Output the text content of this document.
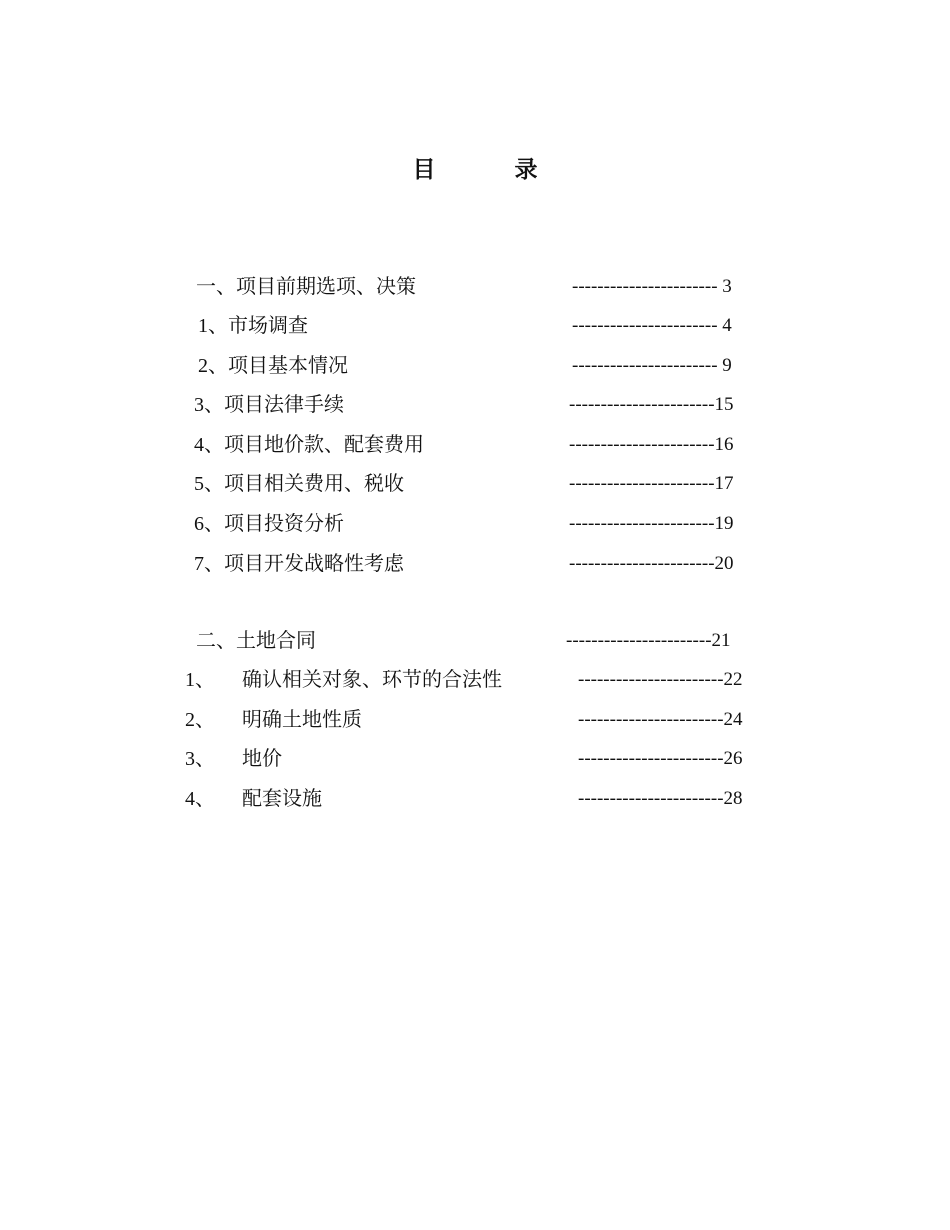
目　录
一、项目前期选项、决策	----------------------- 3
1、市场调查	----------------------- 4
2、项目基本情况	----------------------- 9
3、项目法律手续	-----------------------15
4、项目地价款、配套费用	-----------------------16
5、项目相关费用、税收	-----------------------17
6、项目投资分析	-----------------------19
7、项目开发战略性考虑	-----------------------20
二、土地合同	-----------------------21
1、 确认相关对象、环节的合法性	-----------------------22
2、 明确土地性质	-----------------------24
3、 地价	-----------------------26
4、 配套设施	-----------------------28
